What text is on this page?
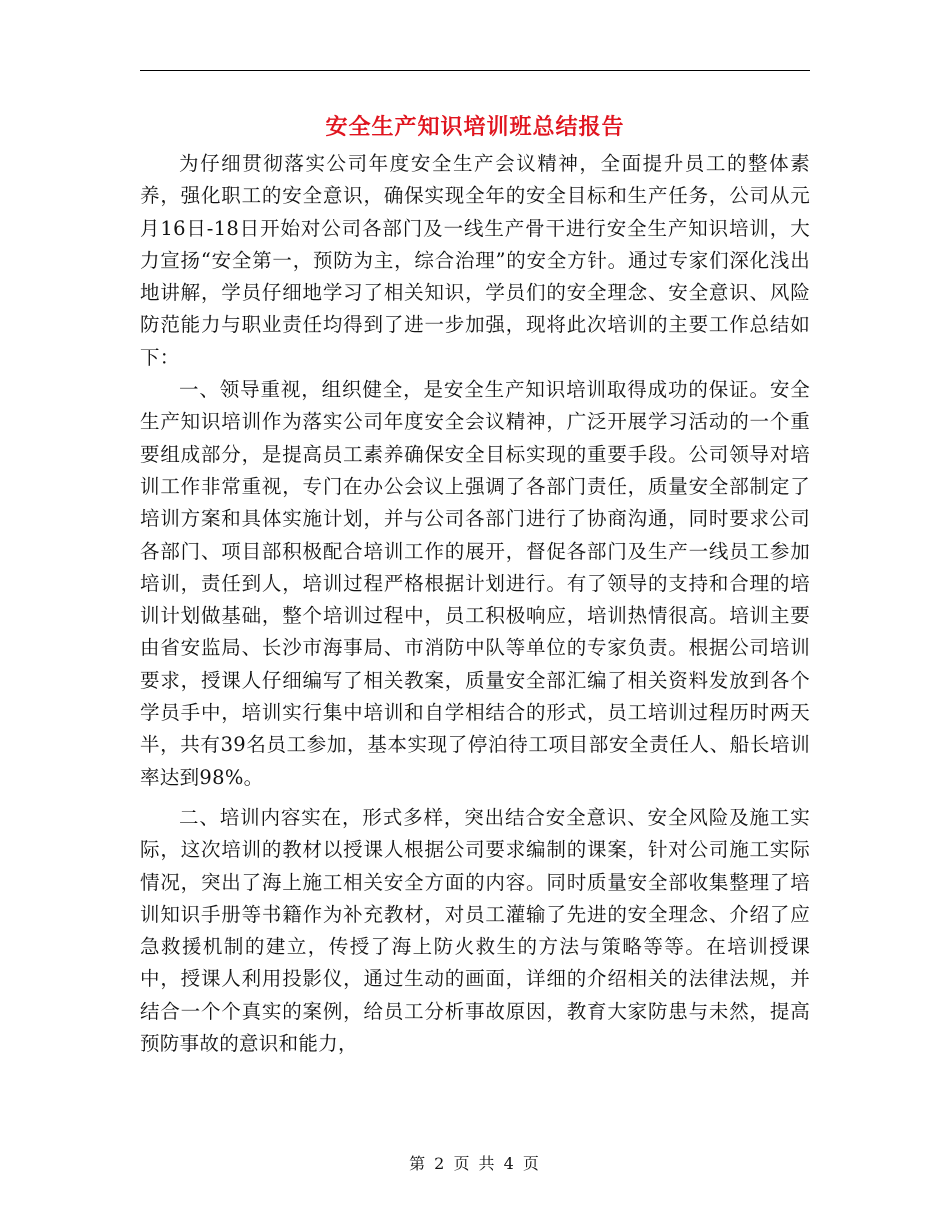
安全生产知识培训班总结报告

为仔细贯彻落实公司年度安全生产会议精神，全面提升员工的整体素养，强化职工的安全意识，确保实现全年的安全目标和生产任务，公司从元月16日-18日开始对公司各部门及一线生产骨干进行安全生产知识培训，大力宣扬“安全第一，预防为主，综合治理”的安全方针。通过专家们深化浅出地讲解，学员仔细地学习了相关知识，学员们的安全理念、安全意识、风险防范能力与职业责任均得到了进一步加强，现将此次培训的主要工作总结如下：

一、领导重视，组织健全，是安全生产知识培训取得成功的保证。安全生产知识培训作为落实公司年度安全会议精神，广泛开展学习活动的一个重要组成部分，是提高员工素养确保安全目标实现的重要手段。公司领导对培训工作非常重视，专门在办公会议上强调了各部门责任，质量安全部制定了培训方案和具体实施计划，并与公司各部门进行了协商沟通，同时要求公司各部门、项目部积极配合培训工作的展开，督促各部门及生产一线员工参加培训，责任到人，培训过程严格根据计划进行。有了领导的支持和合理的培训计划做基础，整个培训过程中，员工积极响应，培训热情很高。培训主要由省安监局、长沙市海事局、市消防中队等单位的专家负责。根据公司培训要求，授课人仔细编写了相关教案，质量安全部汇编了相关资料发放到各个学员手中，培训实行集中培训和自学相结合的形式，员工培训过程历时两天半，共有39名员工参加，基本实现了停泊待工项目部安全责任人、船长培训率达到98%。

二、培训内容实在，形式多样，突出结合安全意识、安全风险及施工实际，这次培训的教材以授课人根据公司要求编制的课案，针对公司施工实际情况，突出了海上施工相关安全方面的内容。同时质量安全部收集整理了培训知识手册等书籍作为补充教材，对员工灌输了先进的安全理念、介绍了应急救援机制的建立，传授了海上防火救生的方法与策略等等。在培训授课中，授课人利用投影仪，通过生动的画面，详细的介绍相关的法律法规，并结合一个个真实的案例，给员工分析事故原因，教育大家防患与未然，提高预防事故的意识和能力，

第 2 页 共 4 页
